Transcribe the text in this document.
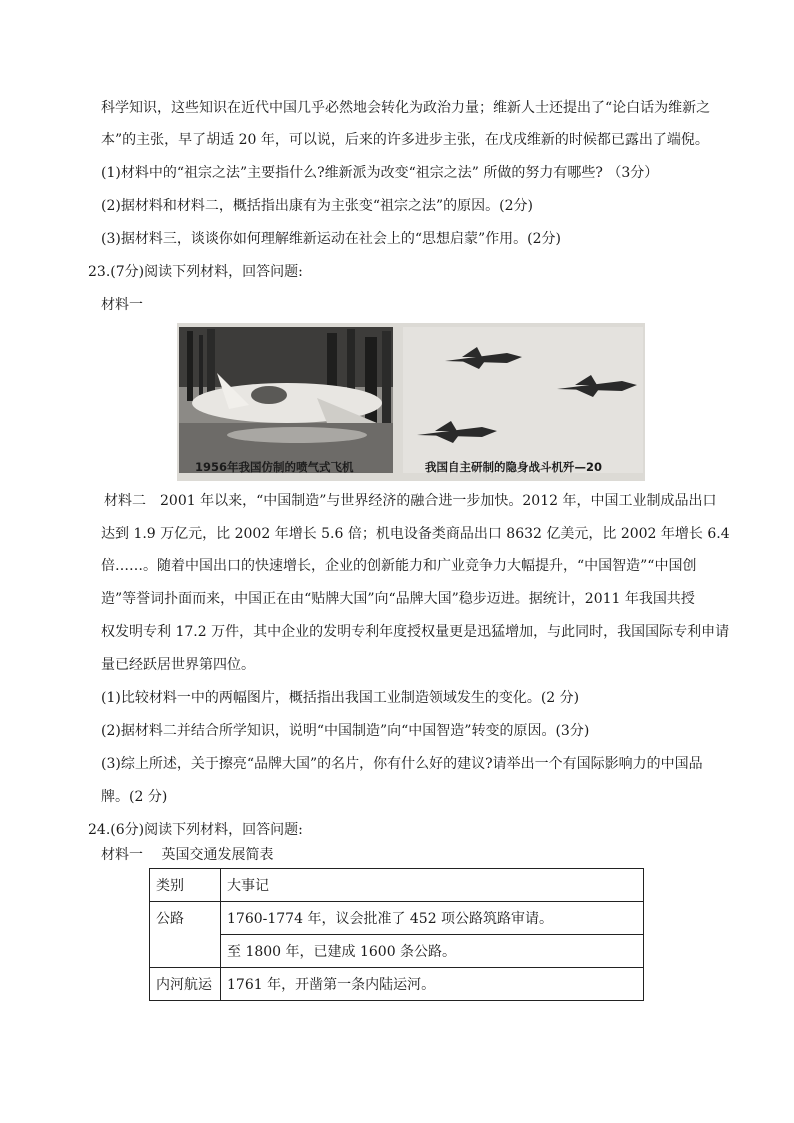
科学知识，这些知识在近代中国几乎必然地会转化为政治力量；维新人士还提出了“论白话为维新之
本”的主张，早了胡适 20 年，可以说，后来的许多进步主张，在戊戌维新的时候都已露出了端倪。
(1)材料中的“祖宗之法”主要指什么?维新派为改变“祖宗之法” 所做的努力有哪些? （3分）
(2)据材料和材料二，概括指出康有为主张变“祖宗之法”的原因。(2分)
(3)据材料三，谈谈你如何理解维新运动在社会上的“思想启蒙”作用。(2分)
23.(7分)阅读下列材料，回答问题:
材料一
1956年我国仿制的喷气式飞机	我国自主研制的隐身战斗机歼—20
材料二　2001 年以来，“中国制造”与世界经济的融合进一步加快。2012 年，中国工业制成品出口
达到 1.9 万亿元，比 2002 年增长 5.6 倍；机电设备类商品出口 8632 亿美元，比 2002 年增长 6.4
倍……。随着中国出口的快速增长，企业的创新能力和广业竞争力大幅提升，“中国智造”“中国创
造”等誉词扑面而来，中国正在由“贴牌大国”向“品牌大国”稳步迈进。据统计，2011 年我国共授
权发明专利 17.2 万件，其中企业的发明专利年度授权量更是迅猛增加，与此同时，我国国际专利申请
量已经跃居世界第四位。
(1)比较材料一中的两幅图片，概括指出我国工业制造领域发生的变化。(2 分)
(2)据材料二并结合所学知识，说明“中国制造”向“中国智造”转变的原因。(3分)
(3)综上所述，关于擦亮“品牌大国”的名片，你有什么好的建议?请举出一个有国际影响力的中国品
牌。(2 分)
24.(6分)阅读下列材料，回答问题:
材料一　 英国交通发展简表
类别	大事记
公路	1760-1774 年，议会批准了 452 项公路筑路审请。
	至 1800 年，已建成 1600 条公路。
内河航运	1761 年，开凿第一条内陆运河。
